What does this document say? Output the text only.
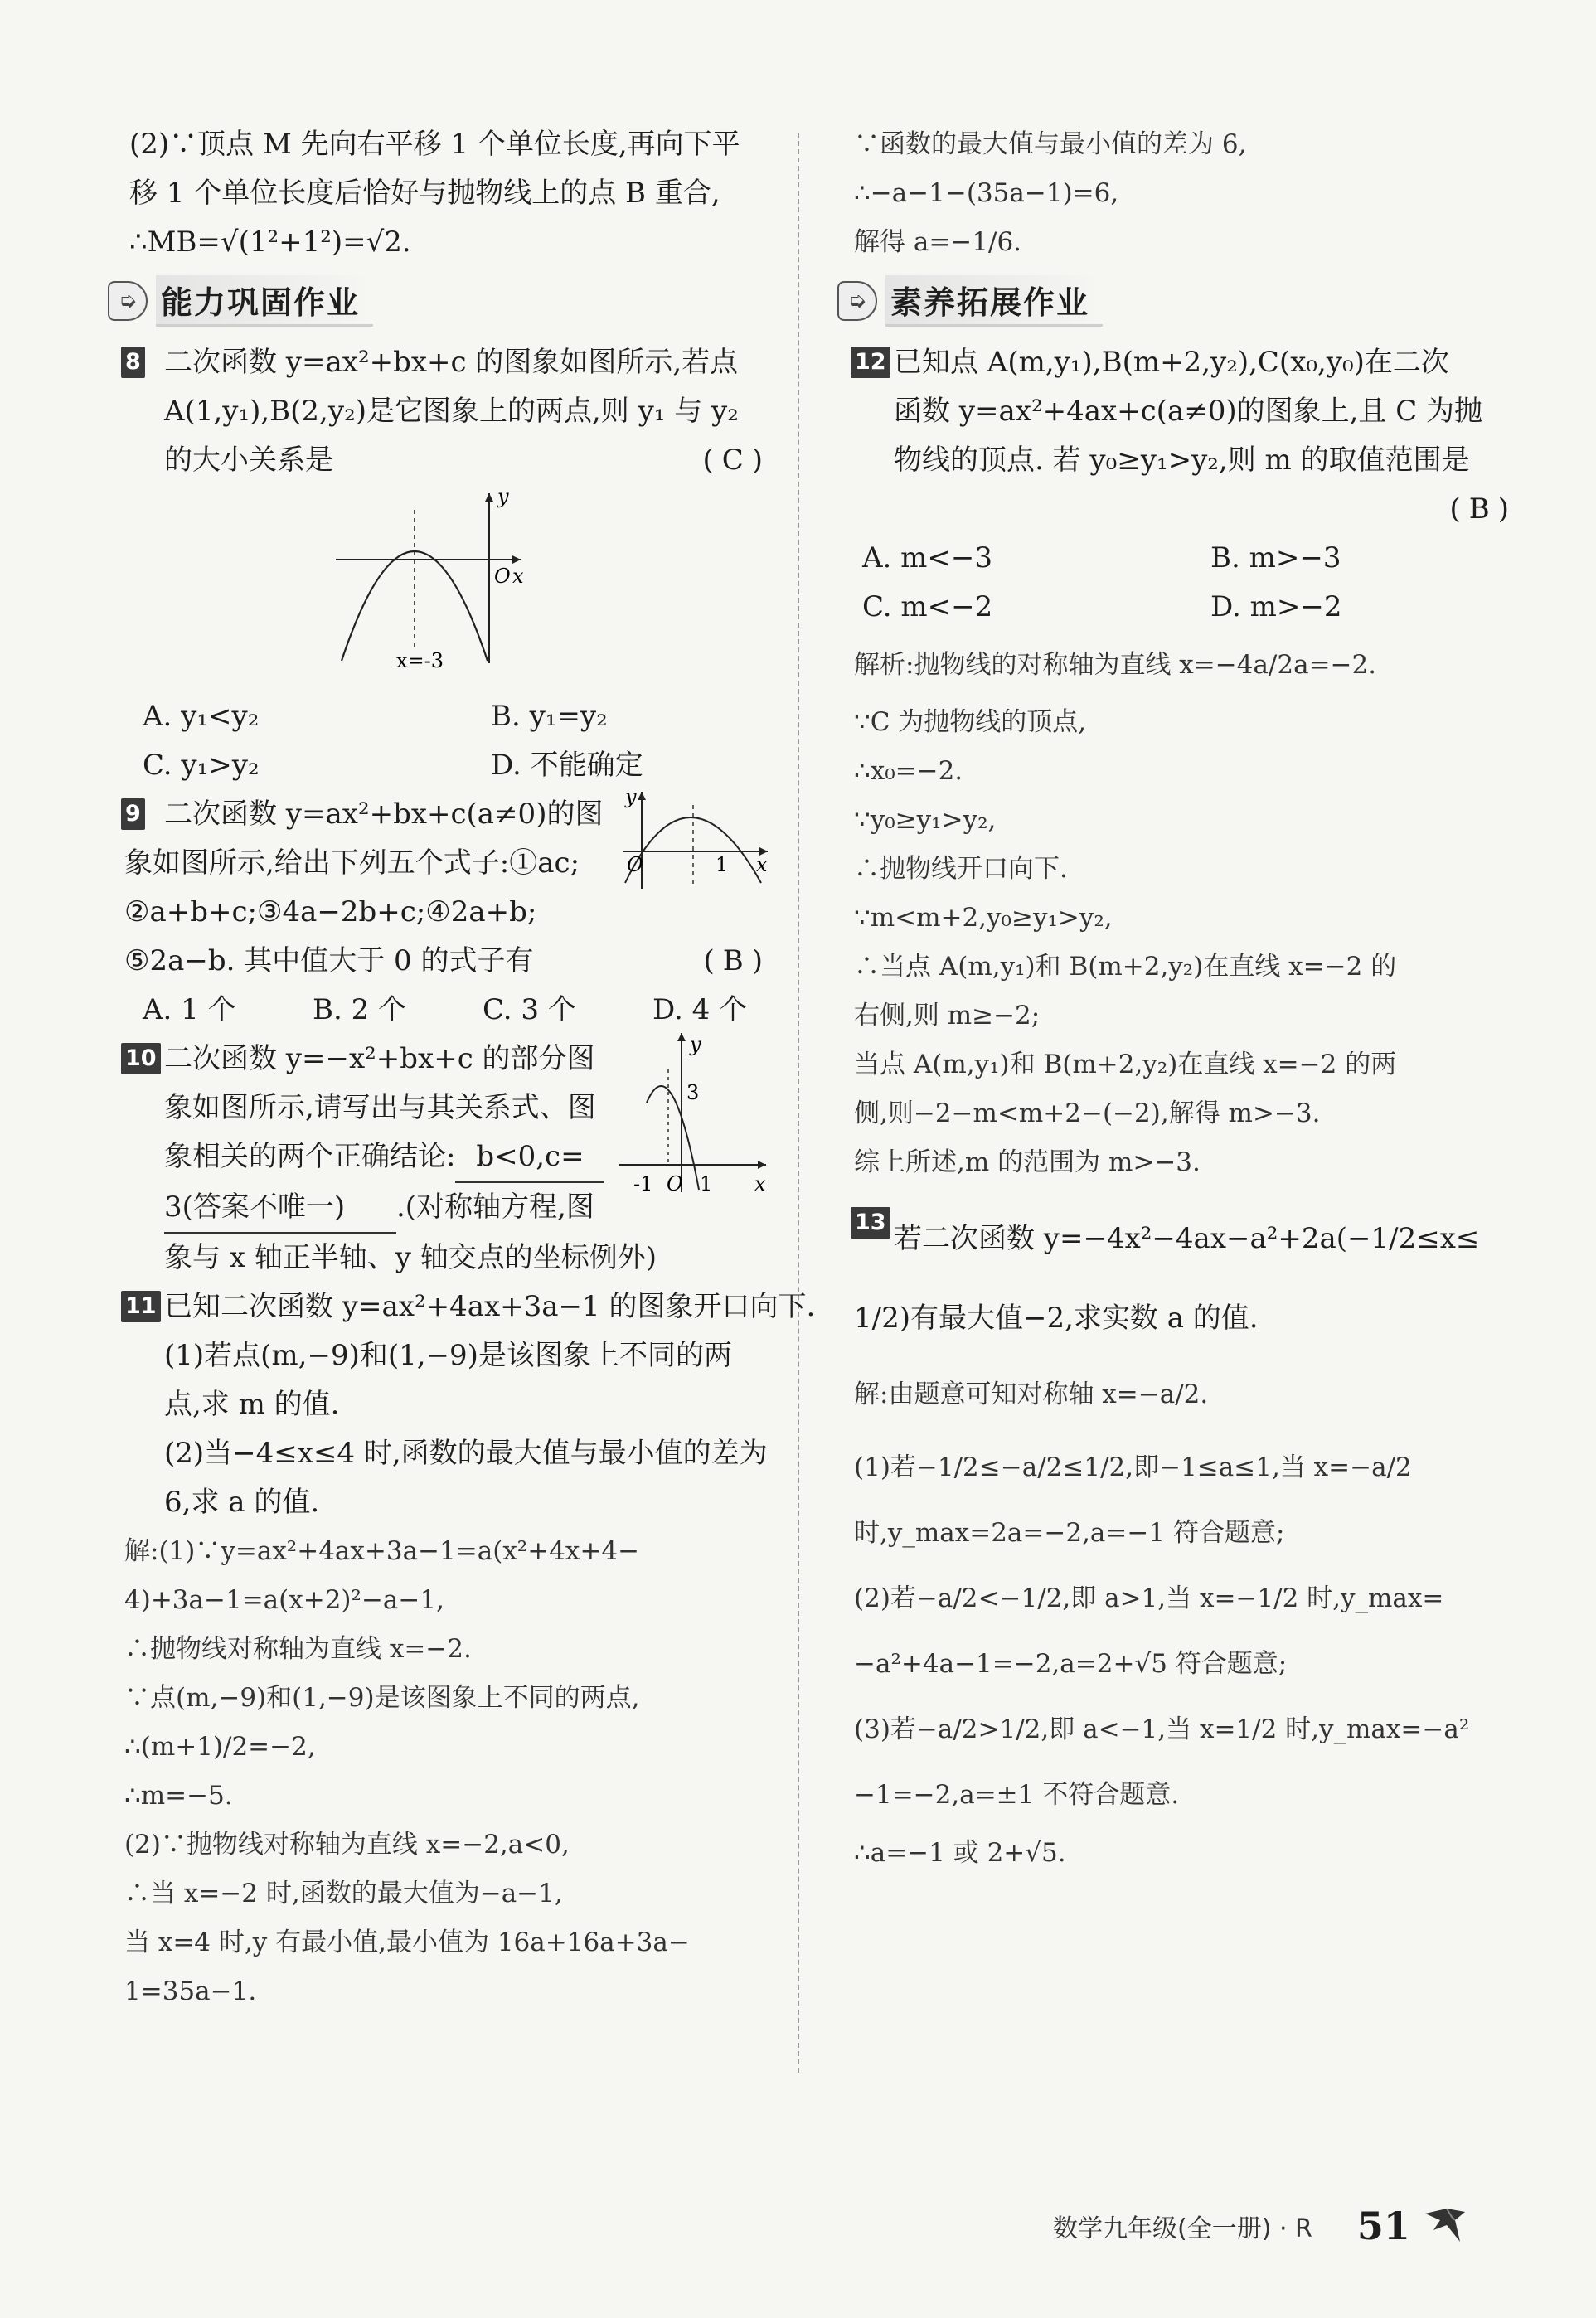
(2)∵顶点 M 先向右平移 1 个单位长度,再向下平
移 1 个单位长度后恰好与抛物线上的点 B 重合,
∴MB=√(1²+1²)=√2.
➭ 能力巩固作业
8 二次函数 y=ax²+bx+c 的图象如图所示,若点
A(1,y₁),B(2,y₂)是它图象上的两点,则 y₁ 与 y₂
的大小关系是	(C)
y
O x
x=-3
A. y₁<y₂	B. y₁=y₂
C. y₁>y₂	D. 不能确定
9 二次函数 y=ax²+bx+c(a≠0)的图
象如图所示,给出下列五个式子:①ac;
②a+b+c;③4a−2b+c;④2a+b;
⑤2a−b. 其中值大于 0 的式子有	(B)
y
O	1 x
A. 1 个	B. 2 个	C. 3 个	D. 4 个
10 二次函数 y=−x²+bx+c 的部分图
象如图所示,请写出与其关系式、图
象相关的两个正确结论: b<0,c=
3(答案不唯一) .(对称轴方程,图
象与 x 轴正半轴、y 轴交点的坐标例外)
y
3
-1 O 1 x
11 已知二次函数 y=ax²+4ax+3a−1 的图象开口向下.
(1)若点(m,−9)和(1,−9)是该图象上不同的两
点,求 m 的值.
(2)当−4≤x≤4 时,函数的最大值与最小值的差为
6,求 a 的值.
解:(1)∵y=ax²+4ax+3a−1=a(x²+4x+4−
4)+3a−1=a(x+2)²−a−1,
∴抛物线对称轴为直线 x=−2.
∵点(m,−9)和(1,−9)是该图象上不同的两点,
∴(m+1)/2=−2,
∴m=−5.
(2)∵抛物线对称轴为直线 x=−2,a<0,
∴当 x=−2 时,函数的最大值为−a−1,
当 x=4 时,y 有最小值,最小值为 16a+16a+3a−
1=35a−1.
∵函数的最大值与最小值的差为 6,
∴−a−1−(35a−1)=6,
解得 a=−1/6.
➭ 素养拓展作业
12 已知点 A(m,y₁),B(m+2,y₂),C(x₀,y₀)在二次
函数 y=ax²+4ax+c(a≠0)的图象上,且 C 为抛
物线的顶点. 若 y₀≥y₁>y₂,则 m 的取值范围是
(B)
A. m<−3	B. m>−3
C. m<−2	D. m>−2
解析:抛物线的对称轴为直线 x=−4a/2a=−2.
∵C 为抛物线的顶点,
∴x₀=−2.
∵y₀≥y₁>y₂,
∴抛物线开口向下.
∵m<m+2,y₀≥y₁>y₂,
∴当点 A(m,y₁)和 B(m+2,y₂)在直线 x=−2 的
右侧,则 m≥−2;
当点 A(m,y₁)和 B(m+2,y₂)在直线 x=−2 的两
侧,则−2−m<m+2−(−2),解得 m>−3.
综上所述,m 的范围为 m>−3.
13 若二次函数 y=−4x²−4ax−a²+2a(−1/2≤x≤
1/2)有最大值−2,求实数 a 的值.
解:由题意可知对称轴 x=−a/2.
(1)若−1/2≤−a/2≤1/2,即−1≤a≤1,当 x=−a/2
时,y_max=2a=−2,a=−1 符合题意;
(2)若−a/2<−1/2,即 a>1,当 x=−1/2 时,y_max=
−a²+4a−1=−2,a=2+√5 符合题意;
(3)若−a/2>1/2,即 a<−1,当 x=1/2 时,y_max=−a²
−1=−2,a=±1 不符合题意.
∴a=−1 或 2+√5.
数学九年级(全一册) · R 51
